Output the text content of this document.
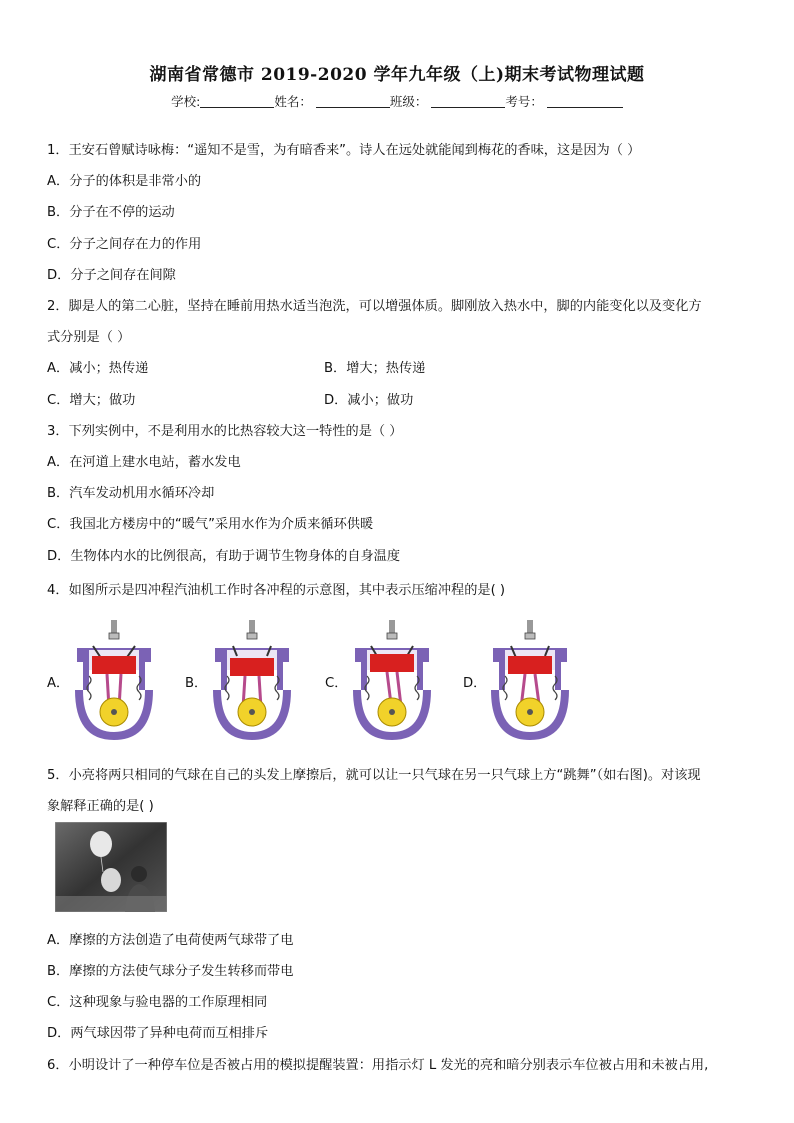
湖南省常德市 2019-2020 学年九年级（上)期末考试物理试题
学校:	姓名：	班级：	考号：
1．王安石曾赋诗咏梅：“遥知不是雪，为有暗香来”。诗人在远处就能闻到梅花的香味，这是因为（ ）
A．分子的体积是非常小的
B．分子在不停的运动
C．分子之间存在力的作用
D．分子之间存在间隙
2．脚是人的第二心脏，坚持在睡前用热水适当泡洗，可以增强体质。脚刚放入热水中，脚的内能变化以及变化方
式分别是（ ）
A．减小；热传递	B．增大；热传递
C．增大；做功	D．减小；做功
3．下列实例中，不是利用水的比热容较大这一特性的是（ ）
A．在河道上建水电站，蓄水发电
B．汽车发动机用水循环冷却
C．我国北方楼房中的“暖气”采用水作为介质来循环供暖
D．生物体内水的比例很高，有助于调节生物身体的自身温度
4．如图所示是四冲程汽油机工作时各冲程的示意图，其中表示压缩冲程的是( )
A．	B．	C．	D．
5．小亮将两只相同的气球在自己的头发上摩擦后，就可以让一只气球在另一只气球上方“跳舞”（如右图)。对该现
象解释正确的是( )
A．摩擦的方法创造了电荷使两气球带了电
B．摩擦的方法使气球分子发生转移而带电
C．这种现象与验电器的工作原理相同
D．两气球因带了异种电荷而互相排斥
6．小明设计了一种停车位是否被占用的模拟提醒装置：用指示灯 L 发光的亮和暗分别表示车位被占用和未被占用,
